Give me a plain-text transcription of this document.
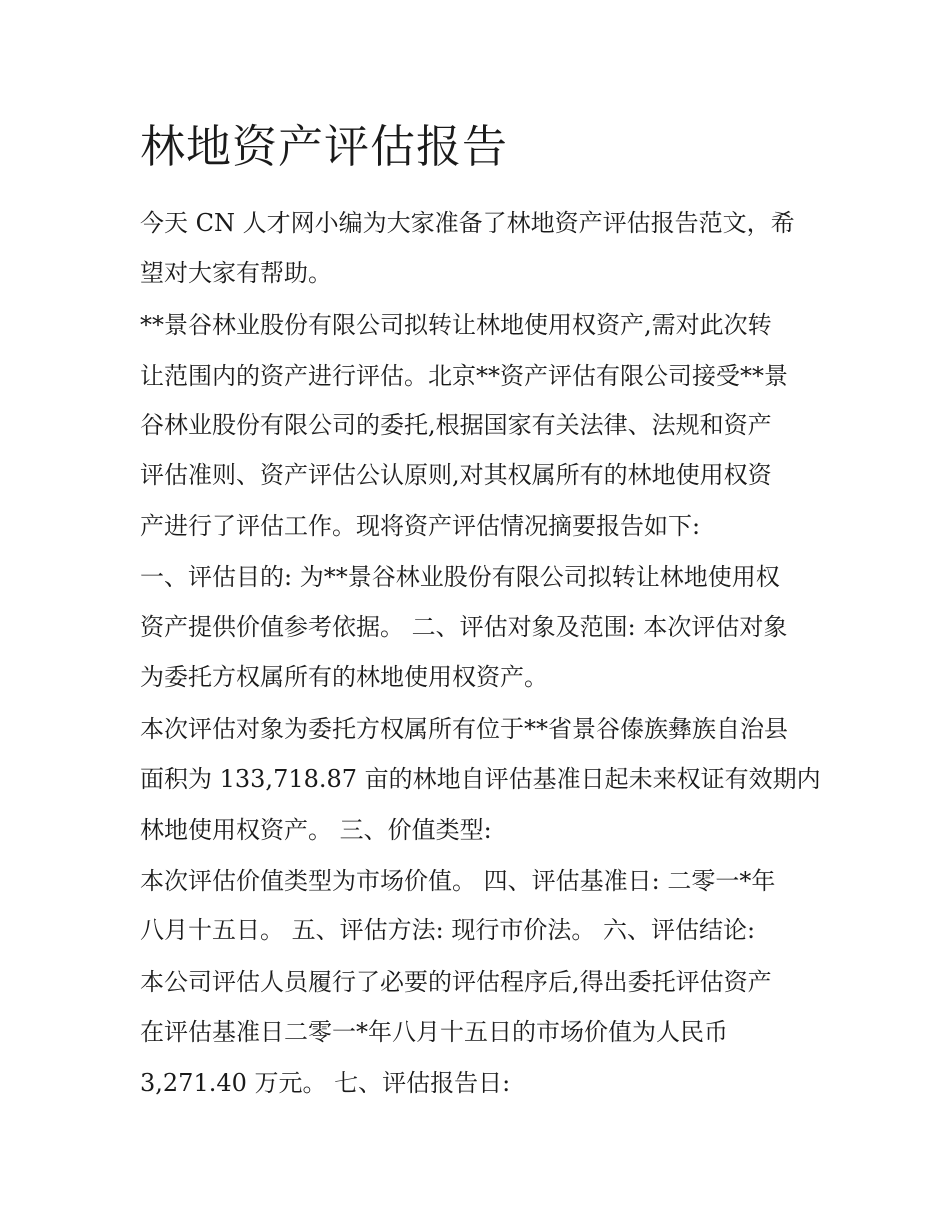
林地资产评估报告

今天 CN 人才网小编为大家准备了林地资产评估报告范文，希

望对大家有帮助。

**景谷林业股份有限公司拟转让林地使用权资产,需对此次转

让范围内的资产进行评估。北京**资产评估有限公司接受**景

谷林业股份有限公司的委托,根据国家有关法律、法规和资产

评估准则、资产评估公认原则,对其权属所有的林地使用权资

产进行了评估工作。现将资产评估情况摘要报告如下:

一、评估目的: 为**景谷林业股份有限公司拟转让林地使用权

资产提供价值参考依据。 二、评估对象及范围: 本次评估对象

为委托方权属所有的林地使用权资产。

本次评估对象为委托方权属所有位于**省景谷傣族彝族自治县

面积为 133,718.87 亩的林地自评估基准日起未来权证有效期内

林地使用权资产。 三、价值类型:

本次评估价值类型为市场价值。 四、评估基准日: 二零一*年

八月十五日。 五、评估方法: 现行市价法。 六、评估结论:

本公司评估人员履行了必要的评估程序后,得出委托评估资产

在评估基准日二零一*年八月十五日的市场价值为人民币

3,271.40 万元。 七、评估报告日:
